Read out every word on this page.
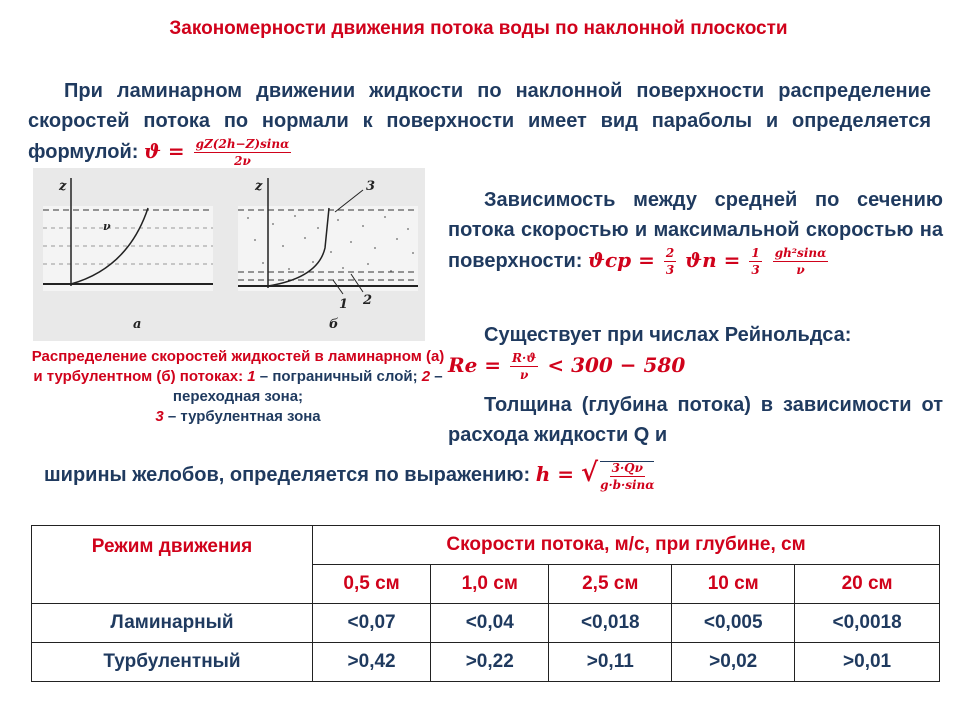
Закономерности движения потока воды по наклонной плоскости
При ламинарном движении жидкости по наклонной поверхности распределение скоростей потока по нормали к поверхности имеет вид параболы и определяется формулой: $ϑ = \frac{gZ(2h-Z)\sin\alpha}{2\nu}$
z
ν
а
z	3
1 2
б
Распределение скоростей жидкостей в ламинарном (а) и турбулентном (б) потоках: 1 – пограничный слой; 2 – переходная зона;
3 – турбулентная зона
Зависимость между средней по сечению потока скоростью и максимальной скоростью на поверхности: $ϑср = \frac{2}{3}$ $ϑп = \frac{1}{3}$
$\frac{\text{gh²sinα}}{\nu}$
Существует при числах Рейнольдса:
$Re = \frac{R\cdot ϑ}{\nu} < 300 - 580$
Толщина (глубина потока) в зависимости от расхода жидкости Q и
ширины желобов, определяется по выражению: h = √ $\frac{3\cdot Q\nu}{g\cdot b\cdot\sin\alpha}$
Режим движения	Скорости потока, м/с, при глубине, см				
	0,5 см	1,0 см	2,5 см	10 см	20 см
Ламинарный	<0,07	<0,04	<0,018	<0,005	<0,0018
Турбулентный	>0,42	>0,22	>0,11	>0,02	>0,01
